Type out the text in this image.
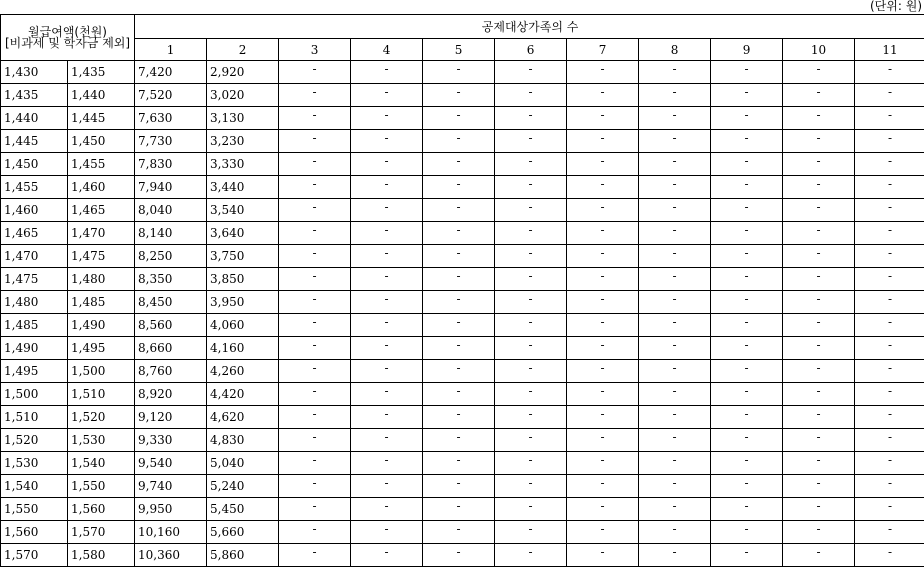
(단위: 원)
월급여액(천원)
[비과세 및 학자금 제외]		공제대상가족의 수										
		1	2	3	4	5	6	7	8	9	10	11
1,430	1,435	7,420	2,920	-	-	-	-	-	-	-	-	-
1,435	1,440	7,520	3,020	-	-	-	-	-	-	-	-	-
1,440	1,445	7,630	3,130	-	-	-	-	-	-	-	-	-
1,445	1,450	7,730	3,230	-	-	-	-	-	-	-	-	-
1,450	1,455	7,830	3,330	-	-	-	-	-	-	-	-	-
1,455	1,460	7,940	3,440	-	-	-	-	-	-	-	-	-
1,460	1,465	8,040	3,540	-	-	-	-	-	-	-	-	-
1,465	1,470	8,140	3,640	-	-	-	-	-	-	-	-	-
1,470	1,475	8,250	3,750	-	-	-	-	-	-	-	-	-
1,475	1,480	8,350	3,850	-	-	-	-	-	-	-	-	-
1,480	1,485	8,450	3,950	-	-	-	-	-	-	-	-	-
1,485	1,490	8,560	4,060	-	-	-	-	-	-	-	-	-
1,490	1,495	8,660	4,160	-	-	-	-	-	-	-	-	-
1,495	1,500	8,760	4,260	-	-	-	-	-	-	-	-	-
1,500	1,510	8,920	4,420	-	-	-	-	-	-	-	-	-
1,510	1,520	9,120	4,620	-	-	-	-	-	-	-	-	-
1,520	1,530	9,330	4,830	-	-	-	-	-	-	-	-	-
1,530	1,540	9,540	5,040	-	-	-	-	-	-	-	-	-
1,540	1,550	9,740	5,240	-	-	-	-	-	-	-	-	-
1,550	1,560	9,950	5,450	-	-	-	-	-	-	-	-	-
1,560	1,570	10,160	5,660	-	-	-	-	-	-	-	-	-
1,570	1,580	10,360	5,860	-	-	-	-	-	-	-	-	-
